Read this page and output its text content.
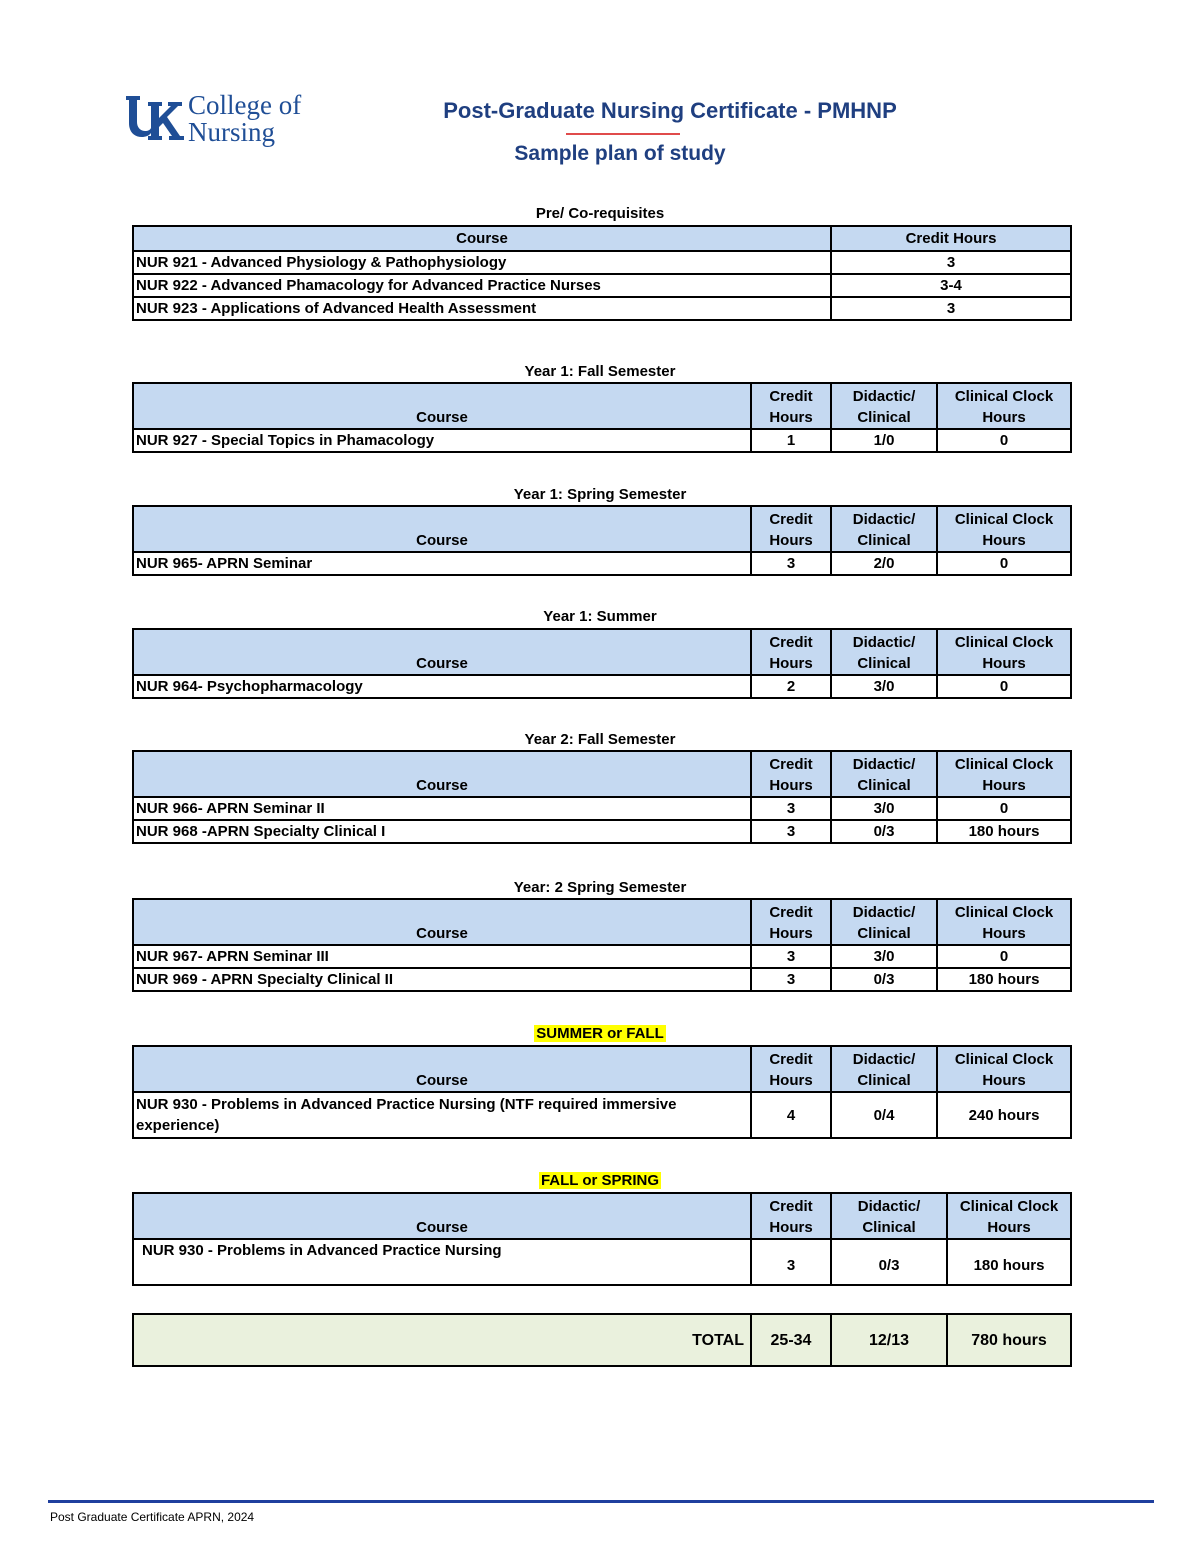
College of
Nursing
Post-Graduate Nursing Certificate - PMHNP
Sample plan of study
Pre/ Co-requisites
Course	Credit Hours
NUR 921 - Advanced Physiology & Pathophysiology	3
NUR 922 - Advanced Phamacology for Advanced Practice Nurses	3-4
NUR 923 - Applications of Advanced Health Assessment	3
Year 1: Fall Semester
Course	Credit Hours	Didactic/ Clinical	Clinical Clock Hours
NUR 927 - Special Topics in Phamacology	1	1/0	0
Year 1: Spring Semester
Course	Credit Hours	Didactic/ Clinical	Clinical Clock Hours
NUR 965- APRN Seminar	3	2/0	0
Year 1: Summer
Course	Credit Hours	Didactic/ Clinical	Clinical Clock Hours
NUR 964- Psychopharmacology	2	3/0	0
Year 2: Fall Semester
Course	Credit Hours	Didactic/ Clinical	Clinical Clock Hours
NUR 966- APRN Seminar II	3	3/0	0
NUR 968 -APRN Specialty Clinical I	3	0/3	180 hours
Year: 2 Spring Semester
Course	Credit Hours	Didactic/ Clinical	Clinical Clock Hours
NUR 967- APRN Seminar III	3	3/0	0
NUR 969 - APRN Specialty Clinical II	3	0/3	180 hours
SUMMER or FALL
Course	Credit Hours	Didactic/ Clinical	Clinical Clock Hours
NUR 930 - Problems in Advanced Practice Nursing (NTF required immersive experience)	4	0/4	240 hours
FALL or SPRING
Course	Credit Hours	Didactic/ Clinical	Clinical Clock Hours
NUR 930 - Problems in Advanced Practice Nursing	3	0/3	180 hours
TOTAL	25-34	12/13	780 hours
Post Graduate Certificate APRN, 2024
